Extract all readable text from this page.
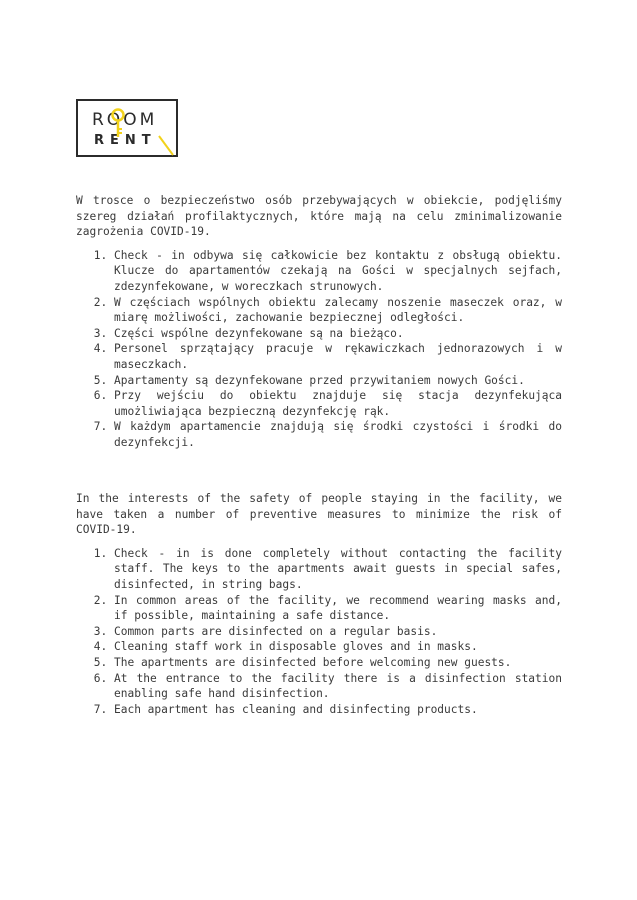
ROOM
RENT

W trosce o bezpieczeństwo osób przebywających w obiekcie, podjęliśmy szereg działań profilaktycznych, które mają na celu zminimalizowanie zagrożenia COVID-19.

1. Check - in odbywa się całkowicie bez kontaktu z obsługą obiektu. Klucze do apartamentów czekają na Gości w specjalnych sejfach, zdezynfekowane, w woreczkach strunowych.
2. W częściach wspólnych obiektu zalecamy noszenie maseczek oraz, w miarę możliwości, zachowanie bezpiecznej odległości.
3. Części wspólne dezynfekowane są na bieżąco.
4. Personel sprzątający pracuje w rękawiczkach jednorazowych i w maseczkach.
5. Apartamenty są dezynfekowane przed przywitaniem nowych Gości.
6. Przy wejściu do obiektu znajduje się stacja dezynfekująca umożliwiająca bezpieczną dezynfekcję rąk.
7. W każdym apartamencie znajdują się środki czystości i środki do dezynfekcji.

In the interests of the safety of people staying in the facility, we have taken a number of preventive measures to minimize the risk of COVID-19.

1. Check - in is done completely without contacting the facility staff. The keys to the apartments await guests in special safes, disinfected, in string bags.
2. In common areas of the facility, we recommend wearing masks and, if possible, maintaining a safe distance.
3. Common parts are disinfected on a regular basis.
4. Cleaning staff work in disposable gloves and in masks.
5. The apartments are disinfected before welcoming new guests.
6. At the entrance to the facility there is a disinfection station enabling safe hand disinfection.
7. Each apartment has cleaning and disinfecting products.
